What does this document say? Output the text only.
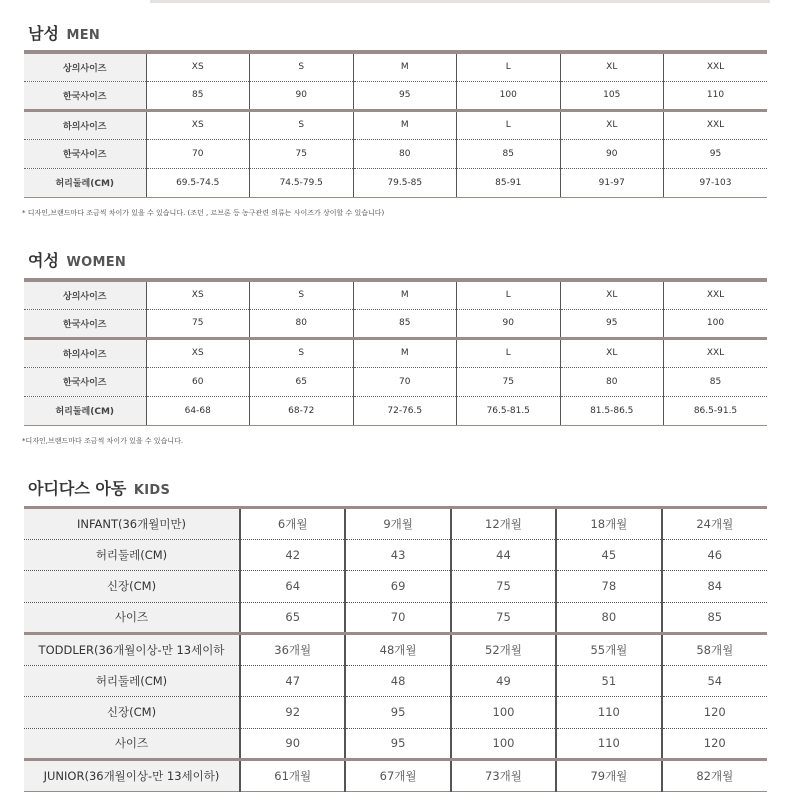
남성 MEN
상의사이즈	XS	S	M	L	XL	XXL
한국사이즈	85	90	95	100	105	110
하의사이즈	XS	S	M	L	XL	XXL
한국사이즈	70	75	80	85	90	95
허리둘레(CM)	69.5-74.5	74.5-79.5	79.5-85	85-91	91-97	97-103
* 디자인,브랜드마다 조금씩 차이가 있을 수 있습니다. (조던 , 르브론 등 농구관련 의류는 사이즈가 상이할 수 있습니다)
여성 WOMEN
상의사이즈	XS	S	M	L	XL	XXL
한국사이즈	75	80	85	90	95	100
하의사이즈	XS	S	M	L	XL	XXL
한국사이즈	60	65	70	75	80	85
허리둘레(CM)	64-68	68-72	72-76.5	76.5-81.5	81.5-86.5	86.5-91.5
*디자인,브랜드마다 조금씩 차이가 있을 수 있습니다.
아디다스 아동 KIDS
INFANT(36개월미만)	6개월	9개월	12개월	18개월	24개월
허리둘레(CM)	42	43	44	45	46
신장(CM)	64	69	75	78	84
사이즈	65	70	75	80	85
TODDLER(36개월이상-만 13세이하	36개월	48개월	52개월	55개월	58개월
허리둘레(CM)	47	48	49	51	54
신장(CM)	92	95	100	110	120
사이즈	90	95	100	110	120
JUNIOR(36개월이상-만 13세이하)	61개월	67개월	73개월	79개월	82개월
